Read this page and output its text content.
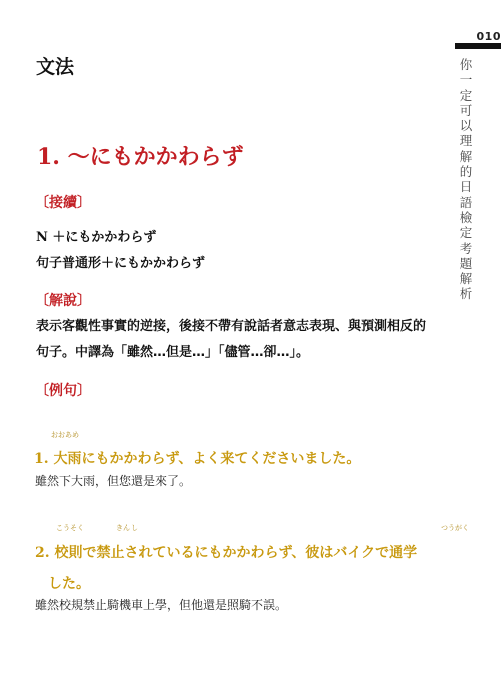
010
你一定可以理解的日語檢定考題解析
文法
1. ～にもかかわらず
〔接續〕
N ＋にもかかわらず
句子普通形＋にもかかわらず
〔解說〕
表示客觀性事實的逆接，後接不帶有說話者意志表現、與預測相反的
句子。中譯為「雖然…但是…」「儘管…卻…」。
〔例句〕
おおあめ
1. 大雨にもかかわらず、よく来てくださいました。
雖然下大雨，但您還是來了。
こうそく	きん し	つうがく
2. 校則で禁止されているにもかかわらず、彼はバイクで通学
した。
雖然校規禁止騎機車上學，但他還是照騎不誤。
